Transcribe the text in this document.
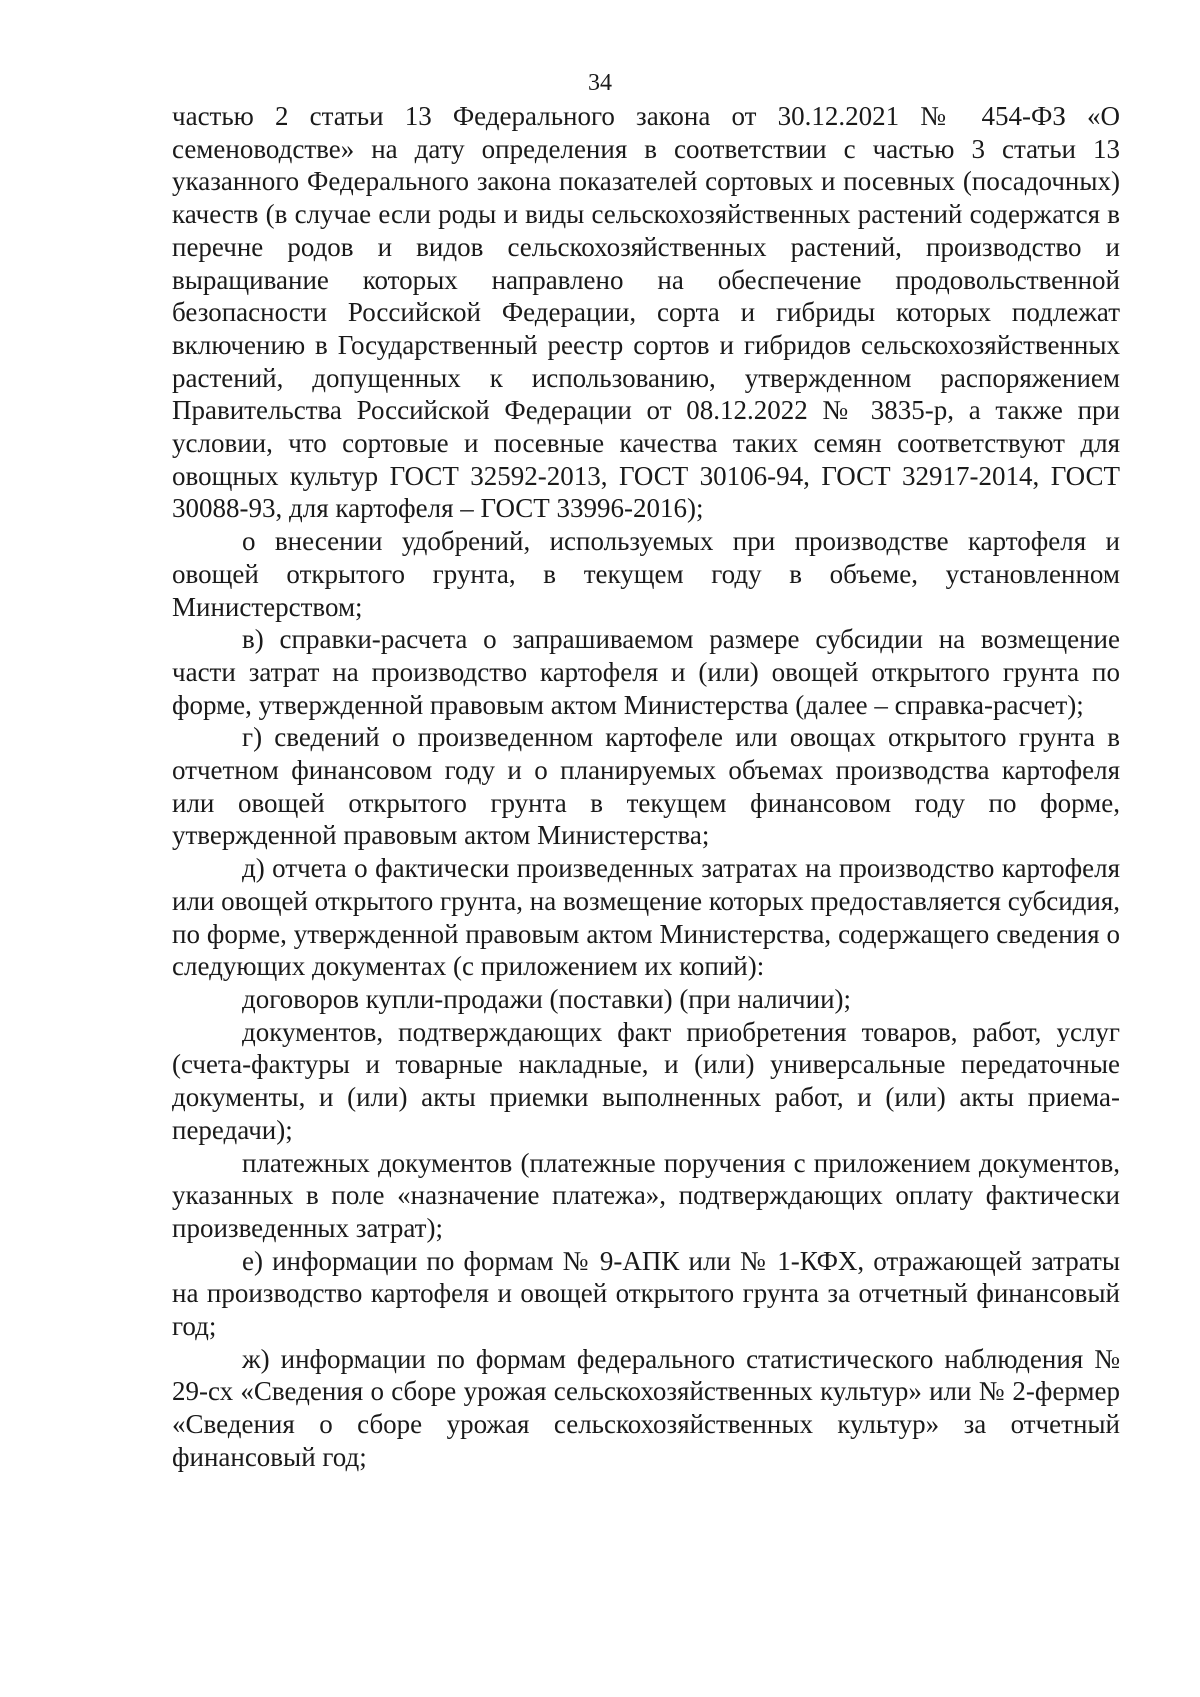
34

частью 2 статьи 13 Федерального закона от 30.12.2021 № 454-ФЗ «О семеноводстве» на дату определения в соответствии с частью 3 статьи 13 указанного Федерального закона показателей сортовых и посевных (посадочных) качеств (в случае если роды и виды сельскохозяйственных растений содержатся в перечне родов и видов сельскохозяйственных растений, производство и выращивание которых направлено на обеспечение продовольственной безопасности Российской Федерации, сорта и гибриды которых подлежат включению в Государственный реестр сортов и гибридов сельскохозяйственных растений, допущенных к использованию, утвержденном распоряжением Правительства Российской Федерации от 08.12.2022 № 3835-р, а также при условии, что сортовые и посевные качества таких семян соответствуют для овощных культур ГОСТ 32592-2013, ГОСТ 30106-94, ГОСТ 32917-2014, ГОСТ 30088-93, для картофеля – ГОСТ 33996-2016);

о внесении удобрений, используемых при производстве картофеля и овощей открытого грунта, в текущем году в объеме, установленном Министерством;

в) справки-расчета о запрашиваемом размере субсидии на возмещение части затрат на производство картофеля и (или) овощей открытого грунта по форме, утвержденной правовым актом Министерства (далее – справка-расчет);

г) сведений о произведенном картофеле или овощах открытого грунта в отчетном финансовом году и о планируемых объемах производства картофеля или овощей открытого грунта в текущем финансовом году по форме, утвержденной правовым актом Министерства;

д) отчета о фактически произведенных затратах на производство картофеля или овощей открытого грунта, на возмещение которых предоставляется субсидия, по форме, утвержденной правовым актом Министерства, содержащего сведения о следующих документах (с приложением их копий):

договоров купли-продажи (поставки) (при наличии);

документов, подтверждающих факт приобретения товаров, работ, услуг (счета-фактуры и товарные накладные, и (или) универсальные передаточные документы, и (или) акты приемки выполненных работ, и (или) акты приема-передачи);

платежных документов (платежные поручения с приложением документов, указанных в поле «назначение платежа», подтверждающих оплату фактически произведенных затрат);

е) информации по формам № 9-АПК или № 1-КФХ, отражающей затраты на производство картофеля и овощей открытого грунта за отчетный финансовый год;

ж) информации по формам федерального статистического наблюдения № 29-сх «Сведения о сборе урожая сельскохозяйственных культур» или № 2-фермер «Сведения о сборе урожая сельскохозяйственных культур» за отчетный финансовый год;
